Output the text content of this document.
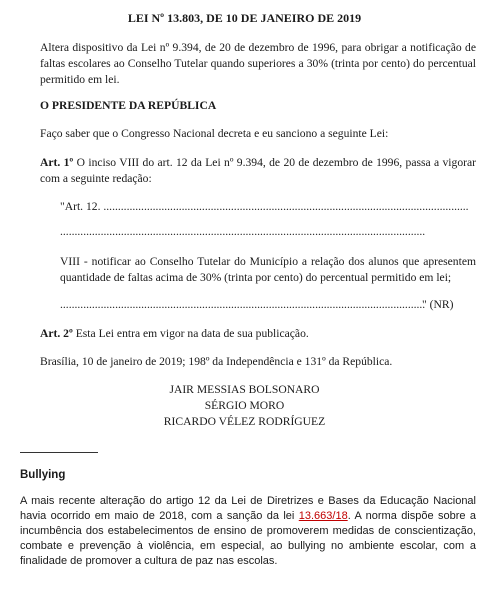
LEI Nº 13.803, DE 10 DE JANEIRO DE 2019
Altera dispositivo da Lei nº 9.394, de 20 de dezembro de 1996, para obrigar a notificação de faltas escolares ao Conselho Tutelar quando superiores a 30% (trinta por cento) do percentual permitido em lei.
O PRESIDENTE DA REPÚBLICA
Faço saber que o Congresso Nacional decreta e eu sanciono a seguinte Lei:
Art. 1º O inciso VIII do art. 12 da Lei nº 9.394, de 20 de dezembro de 1996, passa a vigorar com a seguinte redação:
"Art. 12. ..............................................................................................................................
..............................................................................................................................
VIII - notificar ao Conselho Tutelar do Município a relação dos alunos que apresentem quantidade de faltas acima de 30% (trinta por cento) do percentual permitido em lei;
..............................................................................................................................
" (NR)
Art. 2º Esta Lei entra em vigor na data de sua publicação.
Brasília, 10 de janeiro de 2019; 198º da Independência e 131º da República.
JAIR MESSIAS BOLSONARO
SÉRGIO MORO
RICARDO VÉLEZ RODRÍGUEZ
Bullying
A mais recente alteração do artigo 12 da Lei de Diretrizes e Bases da Educação Nacional havia ocorrido em maio de 2018, com a sanção da lei 13.663/18. A norma dispõe sobre a incumbência dos estabelecimentos de ensino de promoverem medidas de conscientização, combate e prevenção à violência, em especial, ao bullying no ambiente escolar, com a finalidade de promover a cultura de paz nas escolas.
